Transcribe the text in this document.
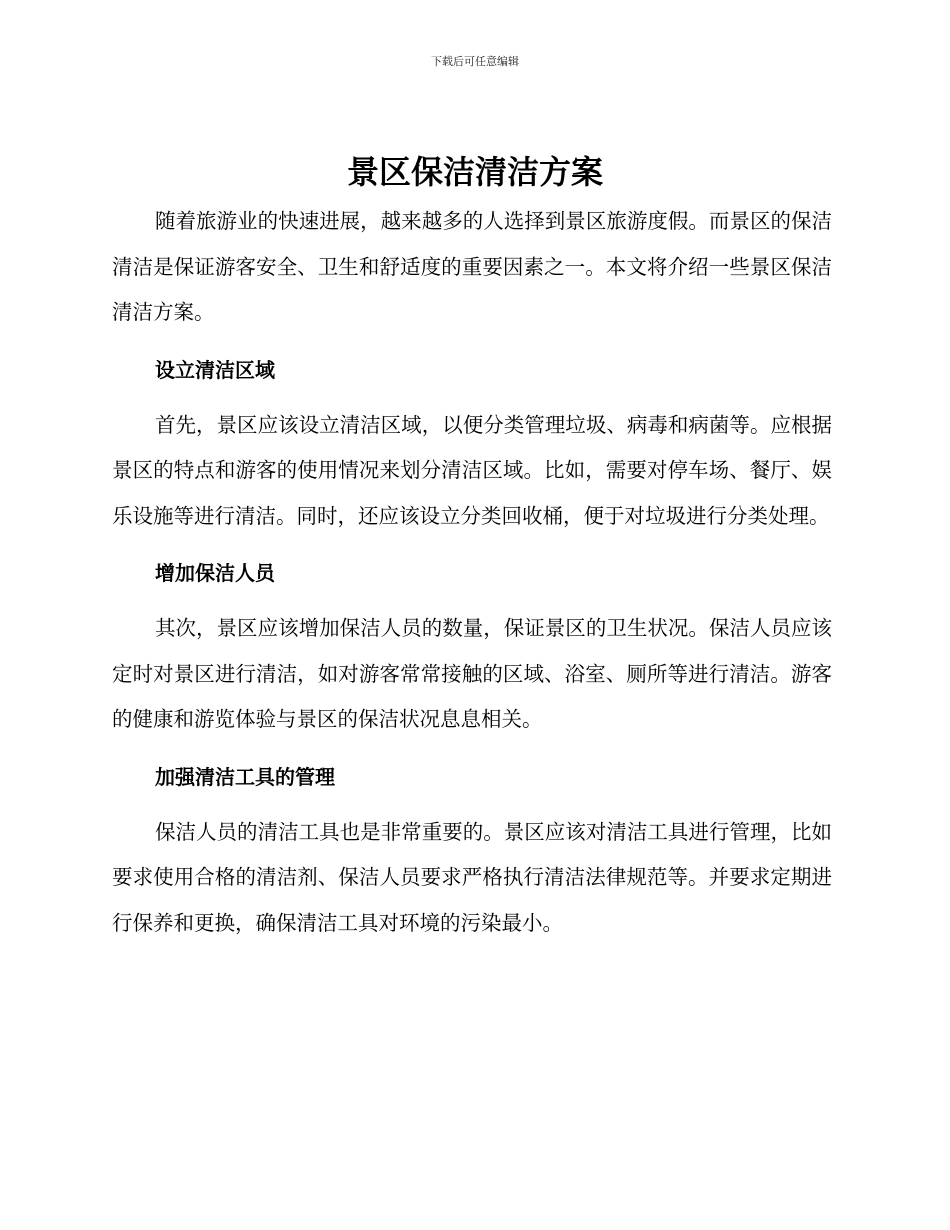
下载后可任意编辑
景区保洁清洁方案

随着旅游业的快速进展，越来越多的人选择到景区旅游度假。而景区的保洁清洁是保证游客安全、卫生和舒适度的重要因素之一。本文将介绍一些景区保洁清洁方案。

设立清洁区域

首先，景区应该设立清洁区域，以便分类管理垃圾、病毒和病菌等。应根据景区的特点和游客的使用情况来划分清洁区域。比如，需要对停车场、餐厅、娱乐设施等进行清洁。同时，还应该设立分类回收桶，便于对垃圾进行分类处理。

增加保洁人员

其次，景区应该增加保洁人员的数量，保证景区的卫生状况。保洁人员应该定时对景区进行清洁，如对游客常常接触的区域、浴室、厕所等进行清洁。游客的健康和游览体验与景区的保洁状况息息相关。

加强清洁工具的管理

保洁人员的清洁工具也是非常重要的。景区应该对清洁工具进行管理，比如要求使用合格的清洁剂、保洁人员要求严格执行清洁法律规范等。并要求定期进行保养和更换，确保清洁工具对环境的污染最小。
